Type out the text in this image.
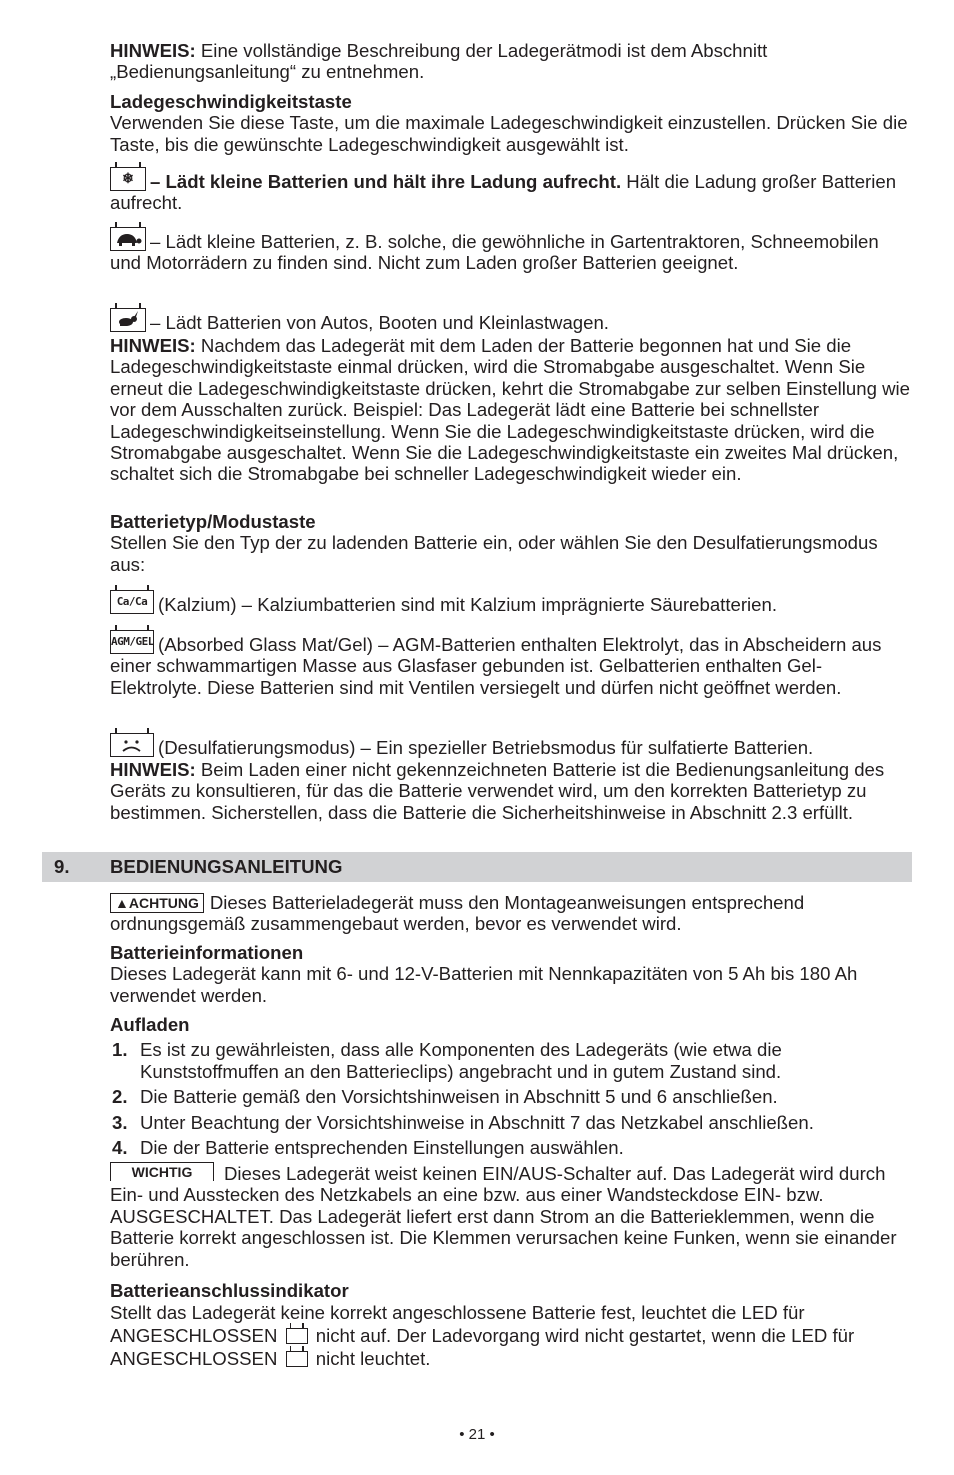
HINWEIS: Eine vollständige Beschreibung der Ladegerätmodi ist dem Abschnitt „Bedienungsanleitung“ zu entnehmen.

Ladegeschwindigkeitstaste

Verwenden Sie diese Taste, um die maximale Ladegeschwindigkeit einzustellen. Drücken Sie die Taste, bis die gewünschte Ladegeschwindigkeit ausgewählt ist.

❄ – Lädt kleine Batterien und hält ihre Ladung aufrecht. Hält die Ladung großer Batterien aufrecht.

– Lädt kleine Batterien, z. B. solche, die gewöhnliche in Gartentraktoren, Schneemobilen und Motorrädern zu finden sind. Nicht zum Laden großer Batterien geeignet.

– Lädt Batterien von Autos, Booten und Kleinlastwagen.

HINWEIS: Nachdem das Ladegerät mit dem Laden der Batterie begonnen hat und Sie die Ladegeschwindigkeitstaste einmal drücken, wird die Stromabgabe ausgeschaltet. Wenn Sie erneut die Ladegeschwindigkeitstaste drücken, kehrt die Stromabgabe zur selben Einstellung wie vor dem Ausschalten zurück. Beispiel: Das Ladegerät lädt eine Batterie bei schnellster Ladegeschwindigkeitseinstellung. Wenn Sie die Ladegeschwindigkeitstaste drücken, wird die Stromabgabe ausgeschaltet. Wenn Sie die Ladegeschwindigkeitstaste ein zweites Mal drücken, schaltet sich die Stromabgabe bei schneller Ladegeschwindigkeit wieder ein.

Batterietyp/Modustaste

Stellen Sie den Typ der zu ladenden Batterie ein, oder wählen Sie den Desulfatierungsmodus aus:

Ca/Ca (Kalzium) – Kalziumbatterien sind mit Kalzium imprägnierte Säurebatterien.

AGM/GEL (Absorbed Glass Mat/Gel) – AGM-Batterien enthalten Elektrolyt, das in Abscheidern aus einer schwammartigen Masse aus Glasfaser gebunden ist. Gelbatterien enthalten Gel-Elektrolyte. Diese Batterien sind mit Ventilen versiegelt und dürfen nicht geöffnet werden.

(Desulfatierungsmodus) – Ein spezieller Betriebsmodus für sulfatierte Batterien.

HINWEIS: Beim Laden einer nicht gekennzeichneten Batterie ist die Bedienungsanleitung des Geräts zu konsultieren, für das die Batterie verwendet wird, um den korrekten Batterietyp zu bestimmen. Sicherstellen, dass die Batterie die Sicherheitshinweise in Abschnitt 2.3 erfüllt.

9. BEDIENUNGSANLEITUNG

▲ACHTUNG Dieses Batterieladegerät muss den Montageanweisungen entsprechend ordnungsgemäß zusammengebaut werden, bevor es verwendet wird.

Batterieinformationen

Dieses Ladegerät kann mit 6- und 12-V-Batterien mit Nennkapazitäten von 5 Ah bis 180 Ah verwendet werden.

Aufladen

1. Es ist zu gewährleisten, dass alle Komponenten des Ladegeräts (wie etwa die Kunststoffmuffen an den Batterieclips) angebracht und in gutem Zustand sind.
2. Die Batterie gemäß den Vorsichtshinweisen in Abschnitt 5 und 6 anschließen.
3. Unter Beachtung der Vorsichtshinweise in Abschnitt 7 das Netzkabel anschließen.
4. Die der Batterie entsprechenden Einstellungen auswählen.

WICHTIG Dieses Ladegerät weist keinen EIN/AUS-Schalter auf. Das Ladegerät wird durch Ein- und Ausstecken des Netzkabels an eine bzw. aus einer Wandsteckdose EIN- bzw. AUSGESCHALTET. Das Ladegerät liefert erst dann Strom an die Batterieklemmen, wenn die Batterie korrekt angeschlossen ist. Die Klemmen verursachen keine Funken, wenn sie einander berühren.

Batterieanschlussindikator

Stellt das Ladegerät keine korrekt angeschlossene Batterie fest, leuchtet die LED für ANGESCHLOSSEN nicht auf. Der Ladevorgang wird nicht gestartet, wenn die LED für ANGESCHLOSSEN nicht leuchtet.

• 21 •
